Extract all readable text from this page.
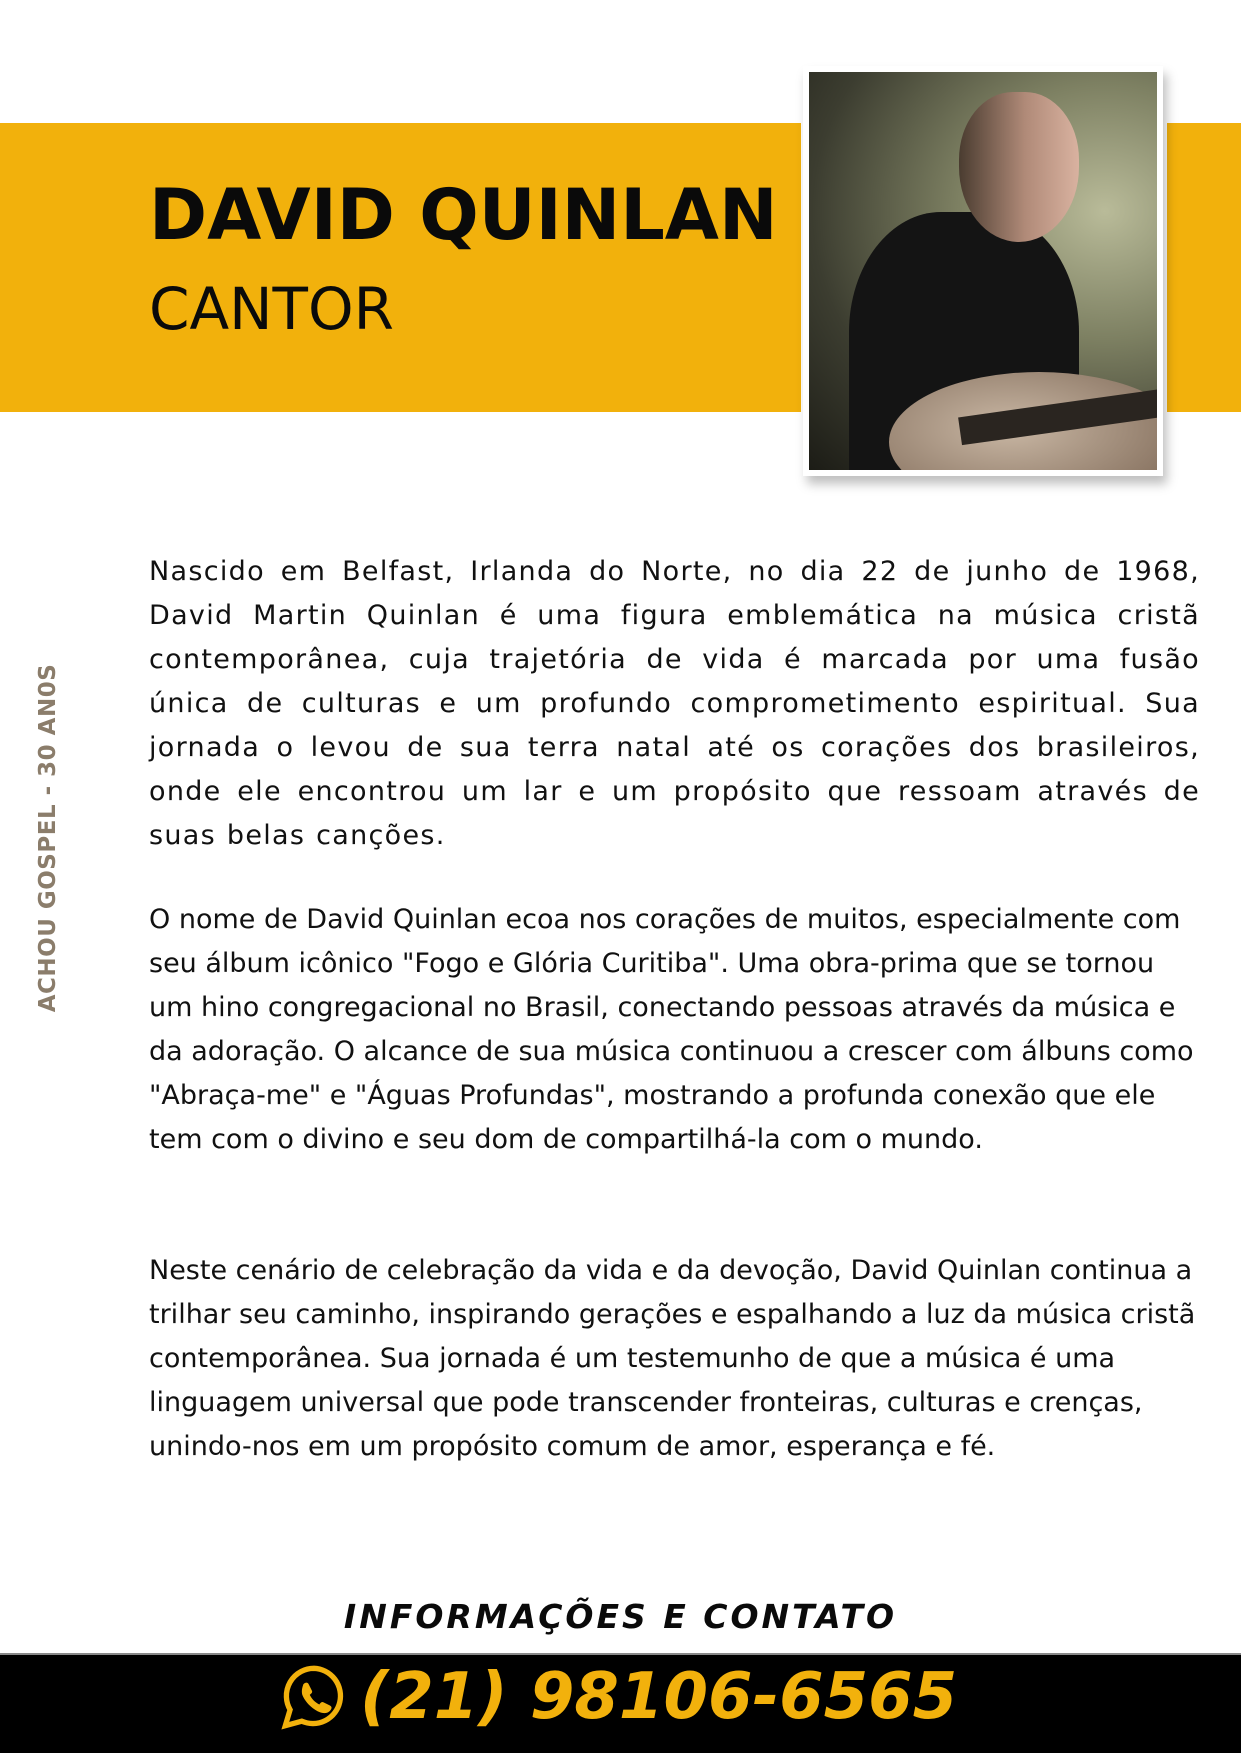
DAVID QUINLAN
CANTOR
ACHOU GOSPEL - 30 AN0S

Nascido em Belfast, Irlanda do Norte, no dia 22 de junho de 1968, David Martin Quinlan é uma figura emblemática na música cristã contemporânea, cuja trajetória de vida é marcada por uma fusão única de culturas e um profundo comprometimento espiritual. Sua jornada o levou de sua terra natal até os corações dos brasileiros, onde ele encontrou um lar e um propósito que ressoam através de suas belas canções.

O nome de David Quinlan ecoa nos corações de muitos, especialmente com seu álbum icônico "Fogo e Glória Curitiba". Uma obra-prima que se tornou um hino congregacional no Brasil, conectando pessoas através da música e da adoração. O alcance de sua música continuou a crescer com álbuns como "Abraça-me" e "Águas Profundas", mostrando a profunda conexão que ele tem com o divino e seu dom de compartilhá-la com o mundo.

Neste cenário de celebração da vida e da devoção, David Quinlan continua a trilhar seu caminho, inspirando gerações e espalhando a luz da música cristã contemporânea. Sua jornada é um testemunho de que a música é uma linguagem universal que pode transcender fronteiras, culturas e crenças, unindo-nos em um propósito comum de amor, esperança e fé.

INFORMAÇÕES E CONTATO
(21) 98106-6565
